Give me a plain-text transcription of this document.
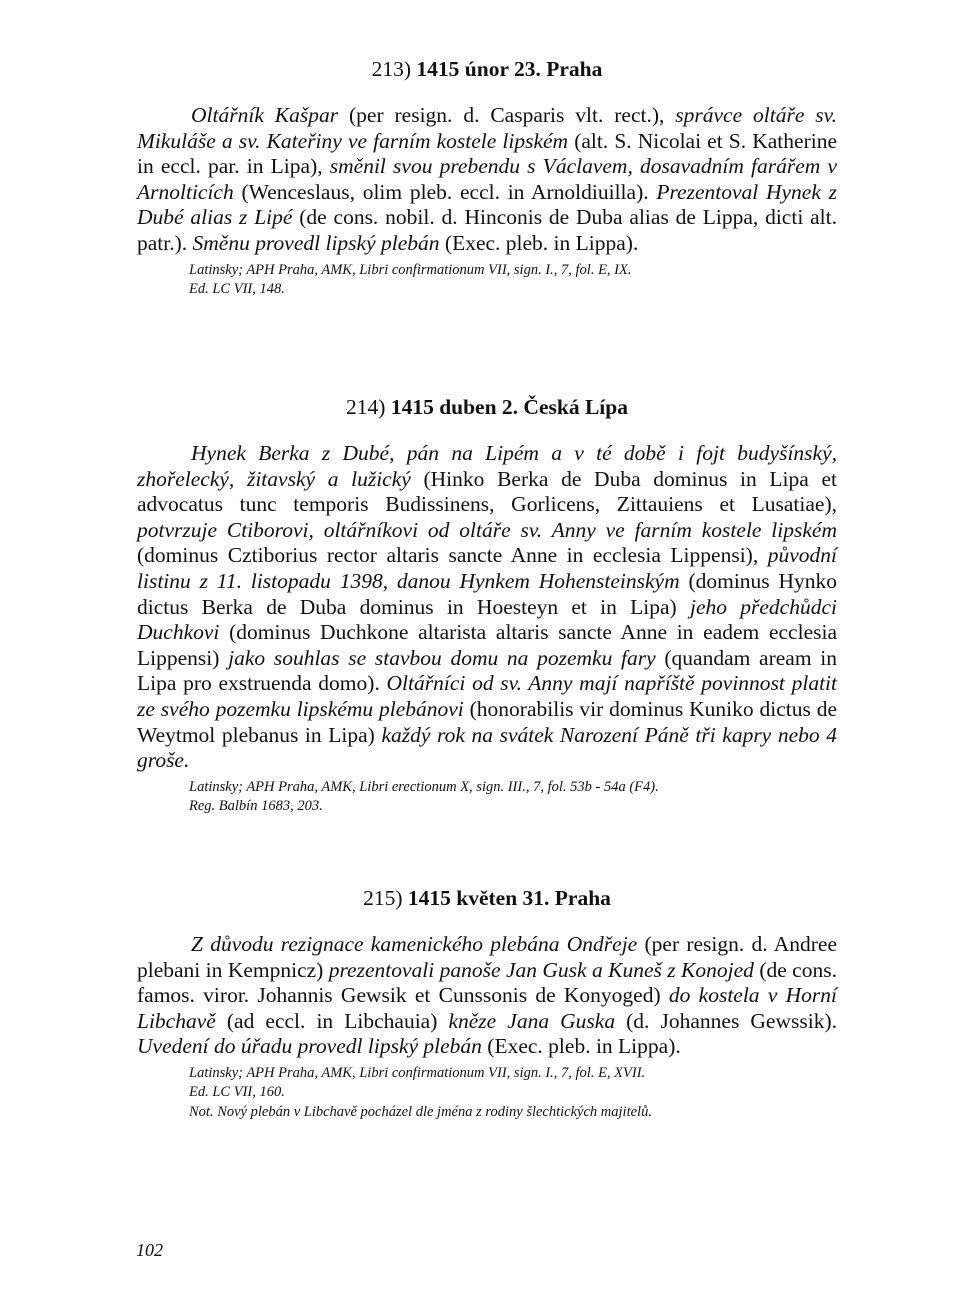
213) 1415 únor 23. Praha

Oltářník Kašpar (per resign. d. Casparis vlt. rect.), správce oltáře sv. Mikuláše a sv. Kateřiny ve farním kostele lipském (alt. S. Nicolai et S. Katherine in eccl. par. in Lipa), směnil svou prebendu s Václavem, dosavadním farářem v Arnolticích (Wenceslaus, olim pleb. eccl. in Arnoldiuilla). Prezentoval Hynek z Dubé alias z Lipé (de cons. nobil. d. Hinconis de Duba alias de Lippa, dicti alt. patr.). Směnu provedl lipský plebán (Exec. pleb. in Lippa).

Latinsky; APH Praha, AMK, Libri confirmationum VII, sign. I., 7, fol. E, IX.
Ed. LC VII, 148.
214) 1415 duben 2. Česká Lípa

Hynek Berka z Dubé, pán na Lipém a v té době i fojt budyšínský, zhořelecký, žitavský a lužický (Hinko Berka de Duba dominus in Lipa et advocatus tunc temporis Budissinens, Gorlicens, Zittauiens et Lusatiae), potvrzuje Ctiborovi, oltářníkovi od oltáře sv. Anny ve farním kostele lipském (dominus Cztiborius rector altaris sancte Anne in ecclesia Lippensi), původní listinu z 11. listopadu 1398, danou Hynkem Hohensteinským (dominus Hynko dictus Berka de Duba dominus in Hoesteyn et in Lipa) jeho předchůdci Duchkovi (dominus Duchkone altarista altaris sancte Anne in eadem ecclesia Lippensi) jako souhlas se stavbou domu na pozemku fary (quandam aream in Lipa pro exstruenda domo). Oltářníci od sv. Anny mají napříště povinnost platit ze svého pozemku lipskému plebánovi (honorabilis vir dominus Kuniko dictus de Weytmol plebanus in Lipa) každý rok na svátek Narození Páně tři kapry nebo 4 groše.

Latinsky; APH Praha, AMK, Libri erectionum X, sign. III., 7, fol. 53b - 54a (F4).
Reg. Balbín 1683, 203.
215) 1415 květen 31. Praha

Z důvodu rezignace kamenického plebána Ondřeje (per resign. d. Andree plebani in Kempnicz) prezentovali panoše Jan Gusk a Kuneš z Konojed (de cons. famos. viror. Johannis Gewsik et Cunssonis de Konyoged) do kostela v Horní Libchavě (ad eccl. in Libchauia) kněze Jana Guska (d. Johannes Gewssik). Uvedení do úřadu provedl lipský plebán (Exec. pleb. in Lippa).

Latinsky; APH Praha, AMK, Libri confirmationum VII, sign. I., 7, fol. E, XVII.
Ed. LC VII, 160.
Not. Nový plebán v Libchavě pocházel dle jména z rodiny šlechtických majitelů.
102
